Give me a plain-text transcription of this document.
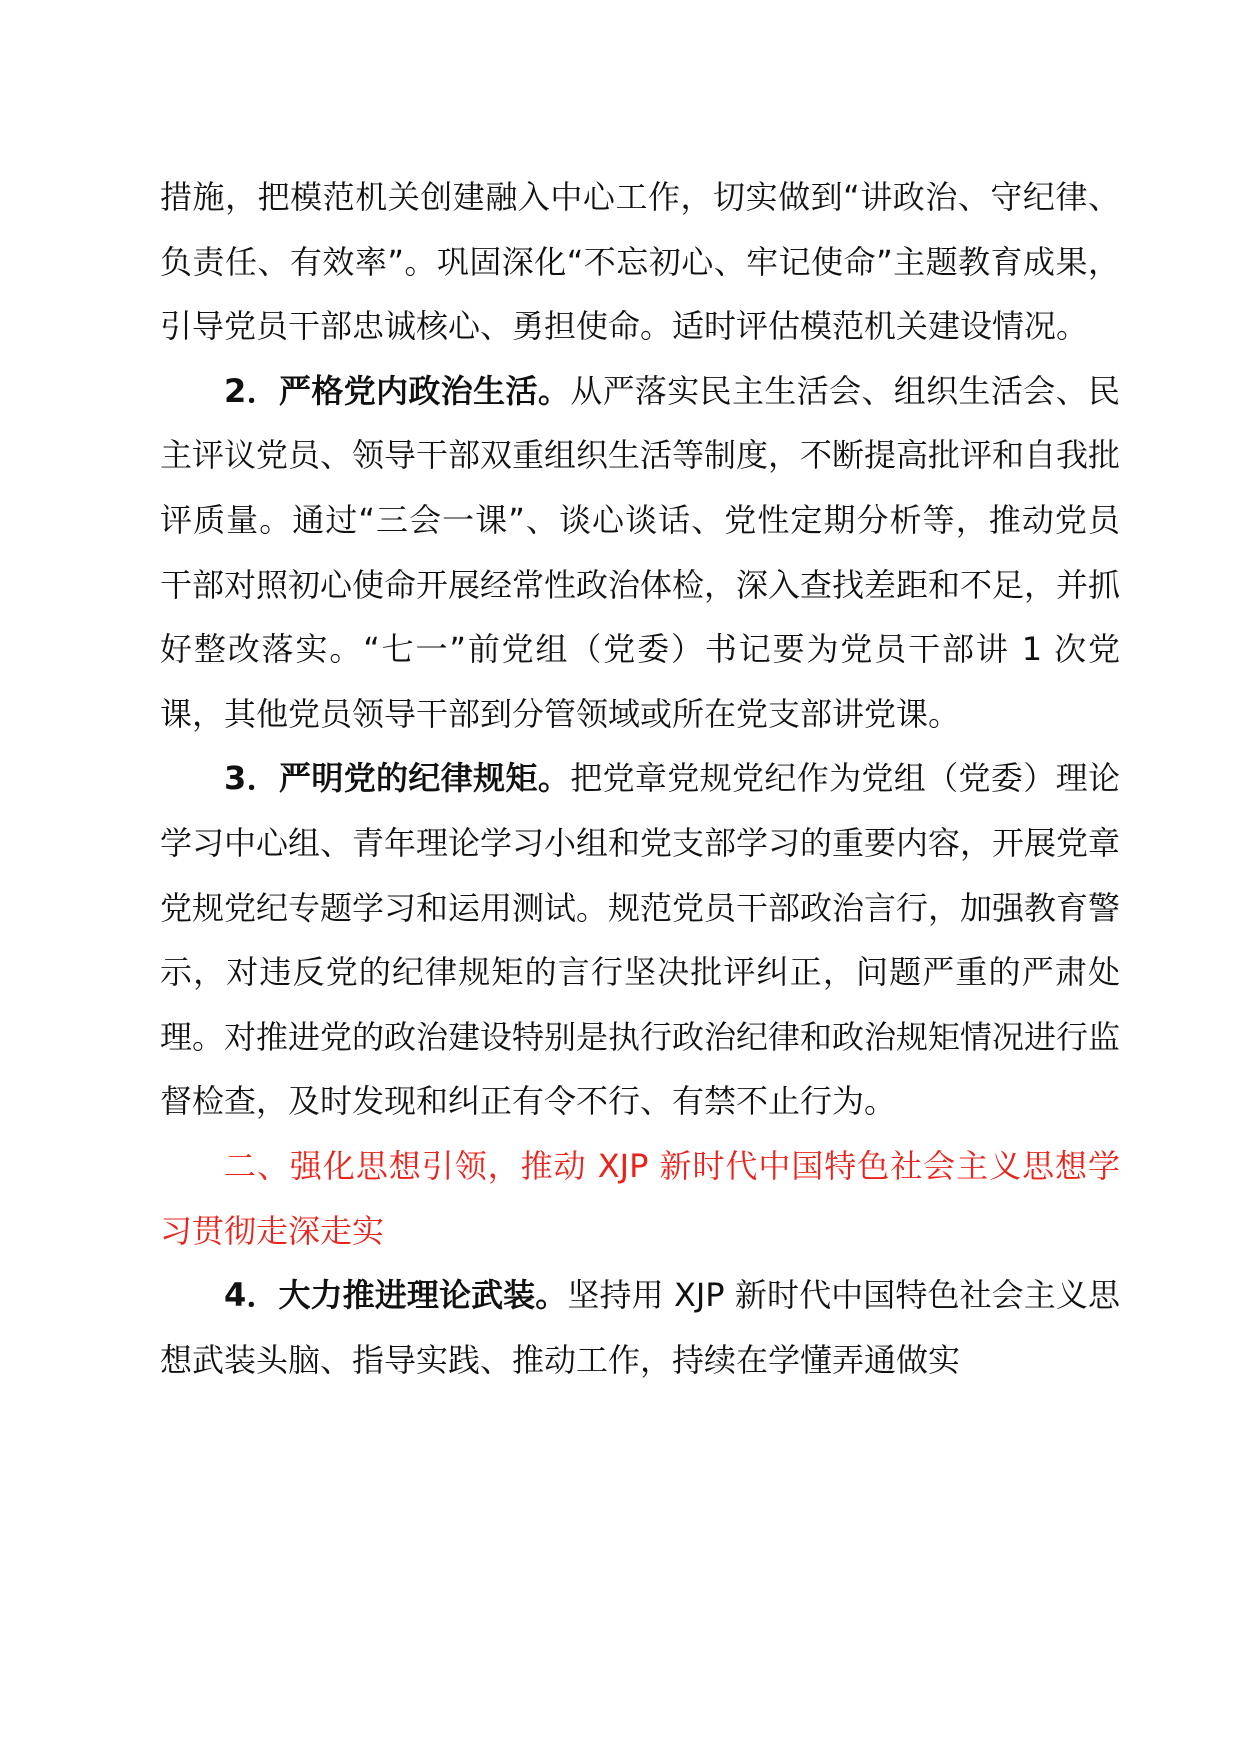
措施，把模范机关创建融入中心工作，切实做到“讲政治、守纪律、负责任、有效率”。巩固深化“不忘初心、牢记使命”主题教育成果，引导党员干部忠诚核心、勇担使命。适时评估模范机关建设情况。

2．严格党内政治生活。从严落实民主生活会、组织生活会、民主评议党员、领导干部双重组织生活等制度，不断提高批评和自我批评质量。通过“三会一课”、谈心谈话、党性定期分析等，推动党员干部对照初心使命开展经常性政治体检，深入查找差距和不足，并抓好整改落实。“七一”前党组（党委）书记要为党员干部讲 1 次党课，其他党员领导干部到分管领域或所在党支部讲党课。

3．严明党的纪律规矩。把党章党规党纪作为党组（党委）理论学习中心组、青年理论学习小组和党支部学习的重要内容，开展党章党规党纪专题学习和运用测试。规范党员干部政治言行，加强教育警示，对违反党的纪律规矩的言行坚决批评纠正，问题严重的严肃处理。对推进党的政治建设特别是执行政治纪律和政治规矩情况进行监督检查，及时发现和纠正有令不行、有禁不止行为。

二、强化思想引领，推动 XJP 新时代中国特色社会主义思想学习贯彻走深走实

4．大力推进理论武装。坚持用 XJP 新时代中国特色社会主义思想武装头脑、指导实践、推动工作，持续在学懂弄通做实
